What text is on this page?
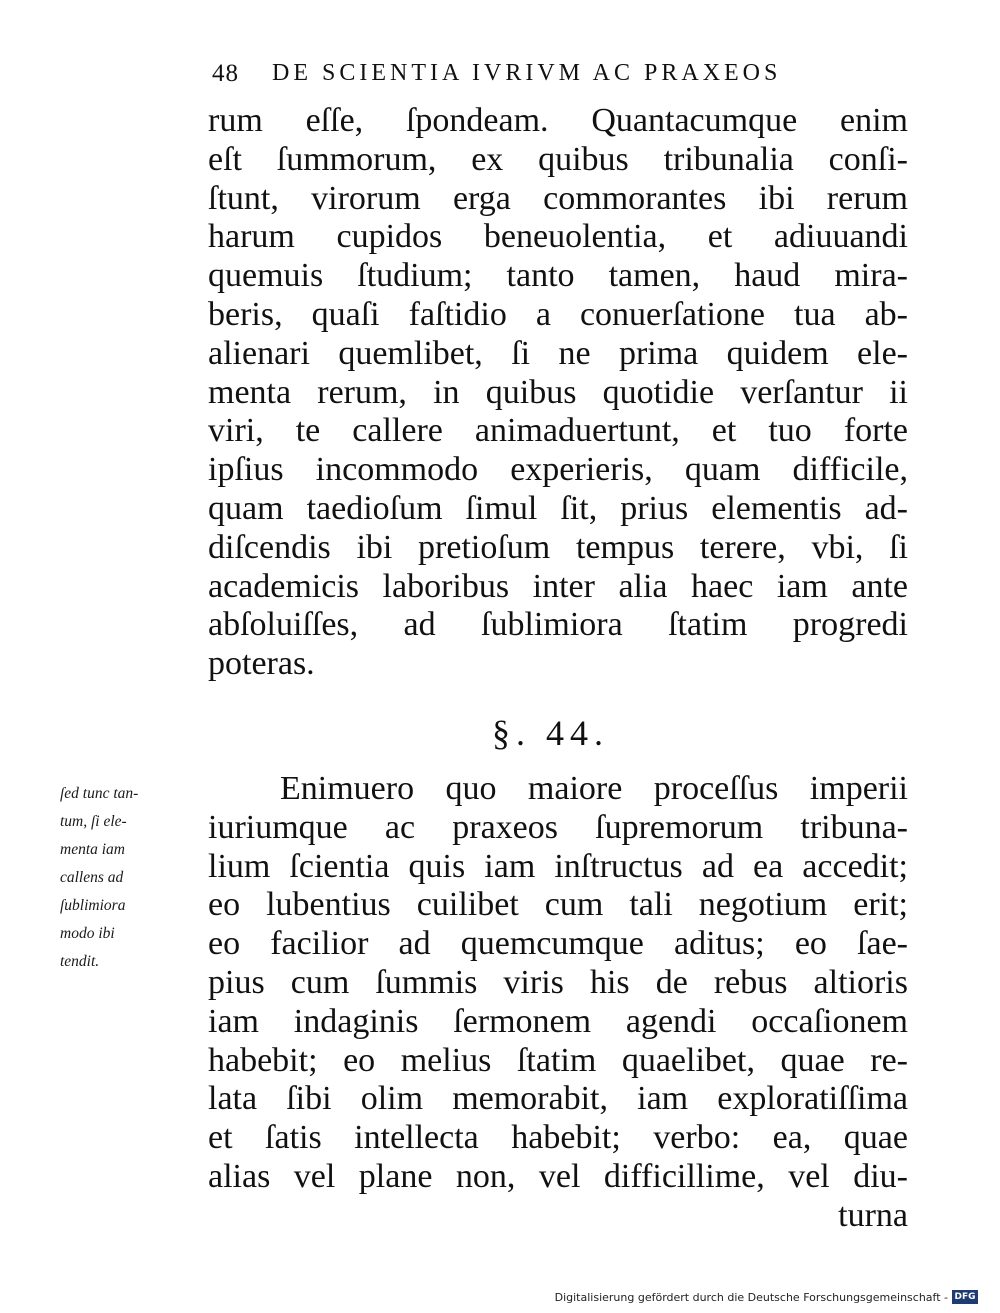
48 DE SCIENTIA IVRIVM AC PRAXEOS
rum eſſe, ſpondeam. Quantacumque enim
eſt ſummorum, ex quibus tribunalia conſi-
ſtunt, virorum erga commorantes ibi rerum
harum cupidos beneuolentia, et adiuuandi
quemuis ſtudium; tanto tamen, haud mira-
beris, quaſi faſtidio a conuerſatione tua ab-
alienari quemlibet, ſi ne prima quidem ele-
menta rerum, in quibus quotidie verſantur ii
viri, te callere animaduertunt, et tuo forte
ipſius incommodo experieris, quam difficile,
quam taedioſum ſimul ſit, prius elementis ad-
diſcendis ibi pretioſum tempus terere, vbi, ſi
academicis laboribus inter alia haec iam ante
abſoluiſſes, ad ſublimiora ſtatim progredi
poteras.
§. 44.
ſed tunc tan-
tum, ſi ele-
menta iam
callens ad
ſublimiora
modo ibi
tendit.
Enimuero quo maiore proceſſus imperii
iuriumque ac praxeos ſupremorum tribuna-
lium ſcientia quis iam inſtructus ad ea accedit;
eo lubentius cuilibet cum tali negotium erit;
eo facilior ad quemcumque aditus; eo ſae-
pius cum ſummis viris his de rebus altioris
iam indaginis ſermonem agendi occaſionem
habebit; eo melius ſtatim quaelibet, quae re-
lata ſibi olim memorabit, iam exploratiſſima
et ſatis intellecta habebit; verbo: ea, quae
alias vel plane non, vel difficillime, vel diu-
turna
Digitalisierung gefördert durch die Deutsche Forschungsgemeinschaft - DFG
